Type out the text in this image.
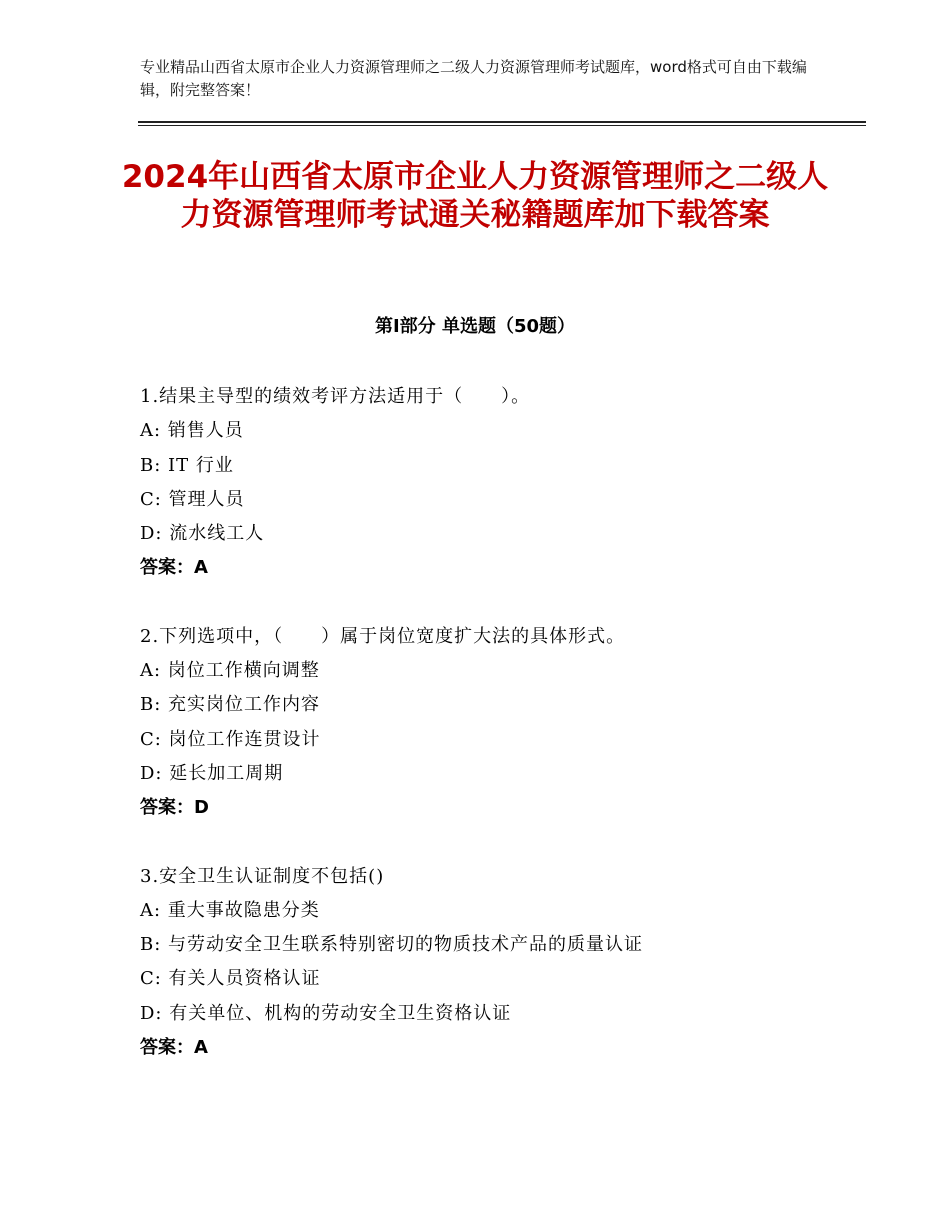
专业精品山西省太原市企业人力资源管理师之二级人力资源管理师考试题库，word格式可自由下载编辑，附完整答案！
2024年山西省太原市企业人力资源管理师之二级人力资源管理师考试通关秘籍题库加下载答案
第Ⅰ部分 单选题（50题）
1.结果主导型的绩效考评方法适用于（　　）。
A: 销售人员
B: IT 行业
C: 管理人员
D: 流水线工人
答案：A
2.下列选项中，（　　）属于岗位宽度扩大法的具体形式。
A: 岗位工作横向调整
B: 充实岗位工作内容
C: 岗位工作连贯设计
D: 延长加工周期
答案：D
3.安全卫生认证制度不包括()
A: 重大事故隐患分类
B: 与劳动安全卫生联系特别密切的物质技术产品的质量认证
C: 有关人员资格认证
D: 有关单位、机构的劳动安全卫生资格认证
答案：A
